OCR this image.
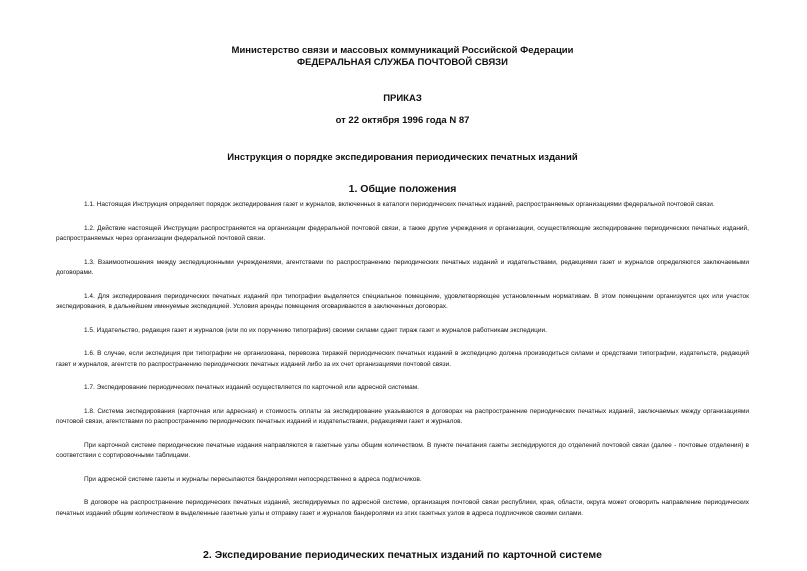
Министерство связи и массовых коммуникаций Российской Федерации
ФЕДЕРАЛЬНАЯ СЛУЖБА ПОЧТОВОЙ СВЯЗИ
ПРИКАЗ
от 22 октября 1996 года N 87
Инструкция о порядке экспедирования периодических печатных изданий
1. Общие положения

1.1. Настоящая Инструкция определяет порядок экспедирования газет и журналов, включенных в каталоги периодических печатных изданий, распространяемых организациями федеральной почтовой связи.

1.2. Действие настоящей Инструкции распространяется на организации федеральной почтовой связи, а также другие учреждения и организации, осуществляющие экспедирование периодических печатных изданий, распространяемых через организации федеральной почтовой связи.

1.3. Взаимоотношения между экспедиционными учреждениями, агентствами по распространению периодических печатных изданий и издательствами, редакциями газет и журналов определяются заключаемыми договорами.

1.4. Для экспедирования периодических печатных изданий при типографии выделяется специальное помещение, удовлетворяющее установленным нормативам. В этом помещении организуется цех или участок экспедирования, в дальнейшем именуемые экспедицией. Условия аренды помещения оговариваются в заключенных договорах.

1.5. Издательство, редакция газет и журналов (или по их поручению типография) своими силами сдает тираж газет и журналов работникам экспедиции.

1.6. В случае, если экспедиция при типографии не организована, перевозка тиражей периодических печатных изданий в экспедицию должна производиться силами и средствами типографии, издательств, редакций газет и журналов, агентств по распространению периодических печатных изданий либо за их счет организациями почтовой связи.

1.7. Экспедирование периодических печатных изданий осуществляется по карточной или адресной системам.

1.8. Система экспедирования (карточная или адресная) и стоимость оплаты за экспедирование указываются в договорах на распространение периодических печатных изданий, заключаемых между организациями почтовой связи, агентствами по распространению периодических печатных изданий и издательствами, редакциями газет и журналов.

При карточной системе периодические печатные издания направляются в газетные узлы общим количеством. В пункте печатания газеты экспедируются до отделений почтовой связи (далее - почтовые отделения) в соответствии с сортировочными таблицами.

При адресной системе газеты и журналы пересылаются бандеролями непосредственно в адреса подписчиков.

В договоре на распространение периодических печатных изданий, экспедируемых по адресной системе, организация почтовой связи республики, края, области, округа может оговорить направление периодических печатных изданий общим количеством в выделенные газетные узлы и отправку газет и журналов бандеролями из этих газетных узлов в адреса подписчиков своими силами.

2. Экспедирование периодических печатных изданий по карточной системе
